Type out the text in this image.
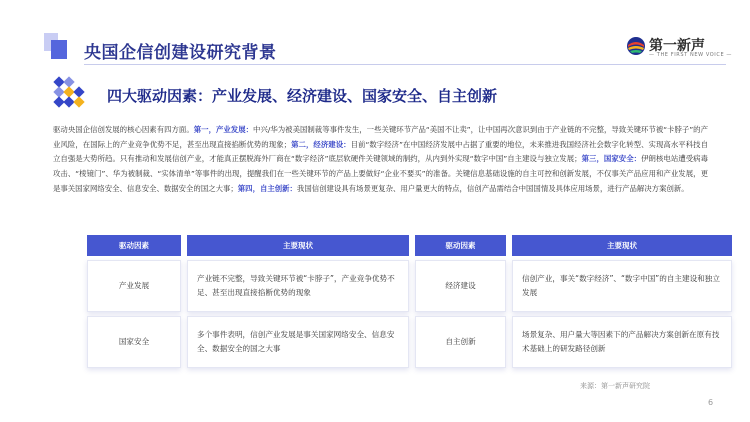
央国企信创建设研究背景	第一新声
— THE FIRST NEW VOICE —
四大驱动因素：产业发展、经济建设、国家安全、自主创新
驱动央国企信创发展的核心因素有四方面。第一，产业发展：中兴/华为被美国制裁等事件发生，一些关键环节产品“美国不让卖”，让中国再次意识到由于产业链的不完整，导致关键环节被“卡脖子”的产业风险，在国际上的产业竞争优势不足，甚至出现直接掐断优势的现象；第二，经济建设：目前“数字经济”在中国经济发展中占据了重要的地位，未来推进我国经济社会数字化转型、实现高水平科技自立自强是大势所趋。只有推动和发展信创产业，才能真正摆脱海外厂商在“数字经济”底层软硬件关键领域的制约，从内到外实现“数字中国”自主建设与独立发展；第三，国家安全：伊朗核电站遭受病毒攻击、“棱镜门”、华为被制裁、“实体清单”等事件的出现，提醒我们在一些关键环节的产品上要做好“企业不要买”的准备。关键信息基础设施的自主可控和创新发展，不仅事关产品应用和产业发展，更是事关国家网络安全、信息安全、数据安全的国之大事；第四，自主创新：我国信创建设具有场景更复杂、用户量更大的特点，信创产品需结合中国国情及具体应用场景，进行产品解决方案创新。
驱动因素	主要现状	驱动因素	主要现状
产业发展	产业链不完整，导致关键环节被“卡脖子”，产业竞争优势不足、甚至出现直接掐断优势的现象	经济建设	信创产业，事关“数字经济”、“数字中国”的自主建设和独立发展
国家安全	多个事件表明，信创产业发展是事关国家网络安全、信息安全、数据安全的国之大事	自主创新	场景复杂、用户量大等因素下的产品解决方案创新在原有技术基础上的研发路径创新
来源：第一新声研究院
6
